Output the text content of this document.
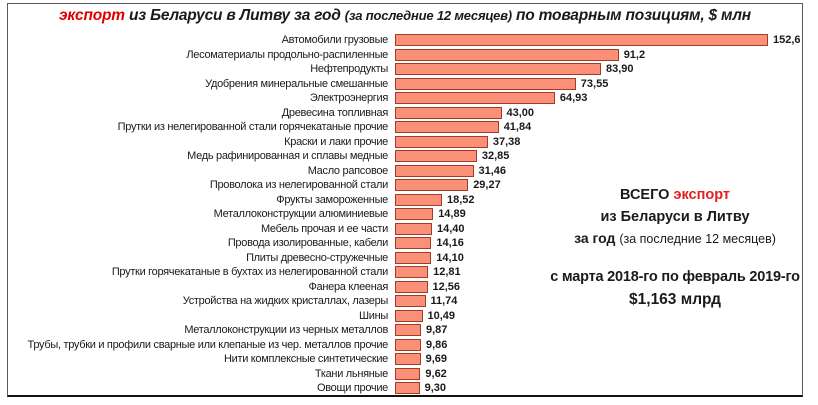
экспорт из Беларуси в Литву за год (за последние 12 месяцев) по товарным позициям, $ млн
Автомобили грузовые	152,6
Лесоматериалы продольно-распиленные	91,2
Нефтепродукты	83,90
Удобрения минеральные смешанные	73,55
Электроэнергия	64,93
Древесина топливная	43,00
Прутки из нелегированной стали горячекатаные прочие	41,84
Краски и лаки прочие	37,38
Медь рафинированная и сплавы медные	32,85
Масло рапсовое	31,46
Проволока из нелегированной стали	29,27
Фрукты замороженные	18,52
Металлоконструкции алюминиевые	14,89
Мебель прочая и ее части	14,40
Провода изолированные, кабели	14,16
Плиты древесно-стружечные	14,10
Прутки горячекатаные в бухтах из нелегированной стали	12,81
Фанера клееная	12,56
Устройства на жидких кристаллах, лазеры	11,74
Шины	10,49
Металлоконструкции из черных металлов	9,87
Трубы, трубки и профили сварные или клепаные из чер. металлов прочие	9,86
Нити комплексные синтетические	9,69
Ткани льняные	9,62
Овощи прочие	9,30
ВСЕГО экспорт
из Беларуси в Литву
за год (за последние 12 месяцев)
с марта 2018-го по февраль 2019-го
$1,163 млрд
